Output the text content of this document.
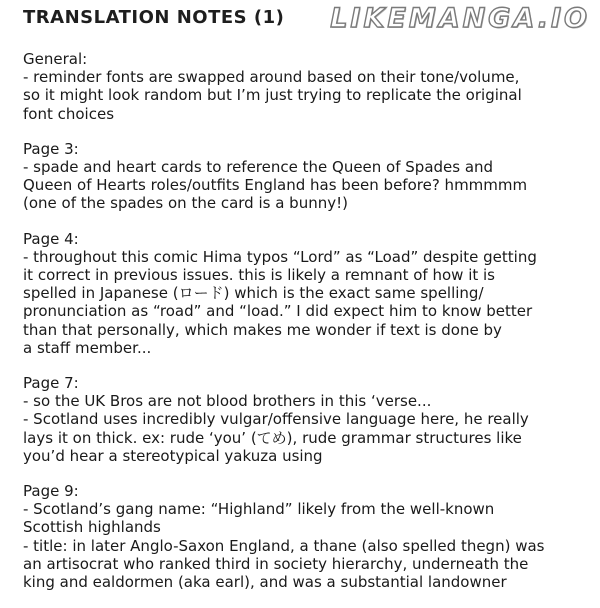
TRANSLATION NOTES (1) LIKEMANGA.IO
General:
- reminder fonts are swapped around based on their tone/volume,
so it might look random but I’m just trying to replicate the original
font choices
Page 3:
- spade and heart cards to reference the Queen of Spades and
Queen of Hearts roles/outfits England has been before? hmmmmm
(one of the spades on the card is a bunny!)
Page 4:
- throughout this comic Hima typos “Lord” as “Load” despite getting
it correct in previous issues. this is likely a remnant of how it is
spelled in Japanese (ロード) which is the exact same spelling/
pronunciation as “road” and “load.” I did expect him to know better
than that personally, which makes me wonder if text is done by
a staff member...
Page 7:
- so the UK Bros are not blood brothers in this ‘verse...
- Scotland uses incredibly vulgar/offensive language here, he really
lays it on thick. ex: rude ‘you’ (てめ), rude grammar structures like
you’d hear a stereotypical yakuza using
Page 9:
- Scotland’s gang name: “Highland” likely from the well-known
Scottish highlands
- title: in later Anglo-Saxon England, a thane (also spelled thegn) was
an artisocrat who ranked third in society hierarchy, underneath the
king and ealdormen (aka earl), and was a substantial landowner
